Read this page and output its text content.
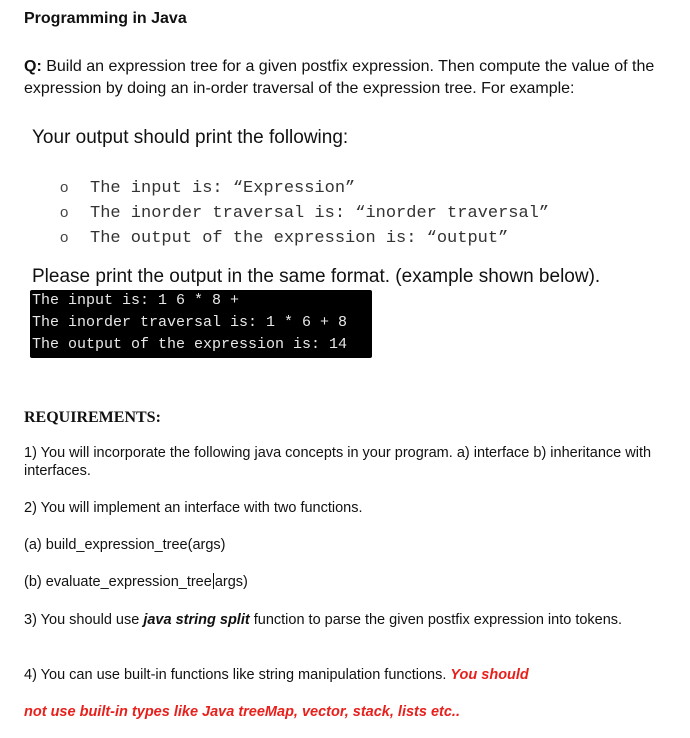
Programming in Java

Q: Build an expression tree for a given postfix expression. Then compute the value of the expression by doing an in-order traversal of the expression tree. For example:

Your output should print the following:
o The input is: “Expression”
o The inorder traversal is: “inorder traversal”
o The output of the expression is: “output”
Please print the output in the same format. (example shown below).
The input is: 1 6 * 8 +
The inorder traversal is: 1 * 6 + 8
The output of the expression is: 14
REQUIREMENTS:

1) You will incorporate the following java concepts in your program. a) interface b) inheritance with interfaces.

2) You will implement an interface with two functions.

(a) build_expression_tree(args)

(b) evaluate_expression_tree args)

3) You should use java string split function to parse the given postfix expression into tokens.

4) You can use built-in functions like string manipulation functions. You should

not use built-in types like Java treeMap, vector, stack, lists etc..
